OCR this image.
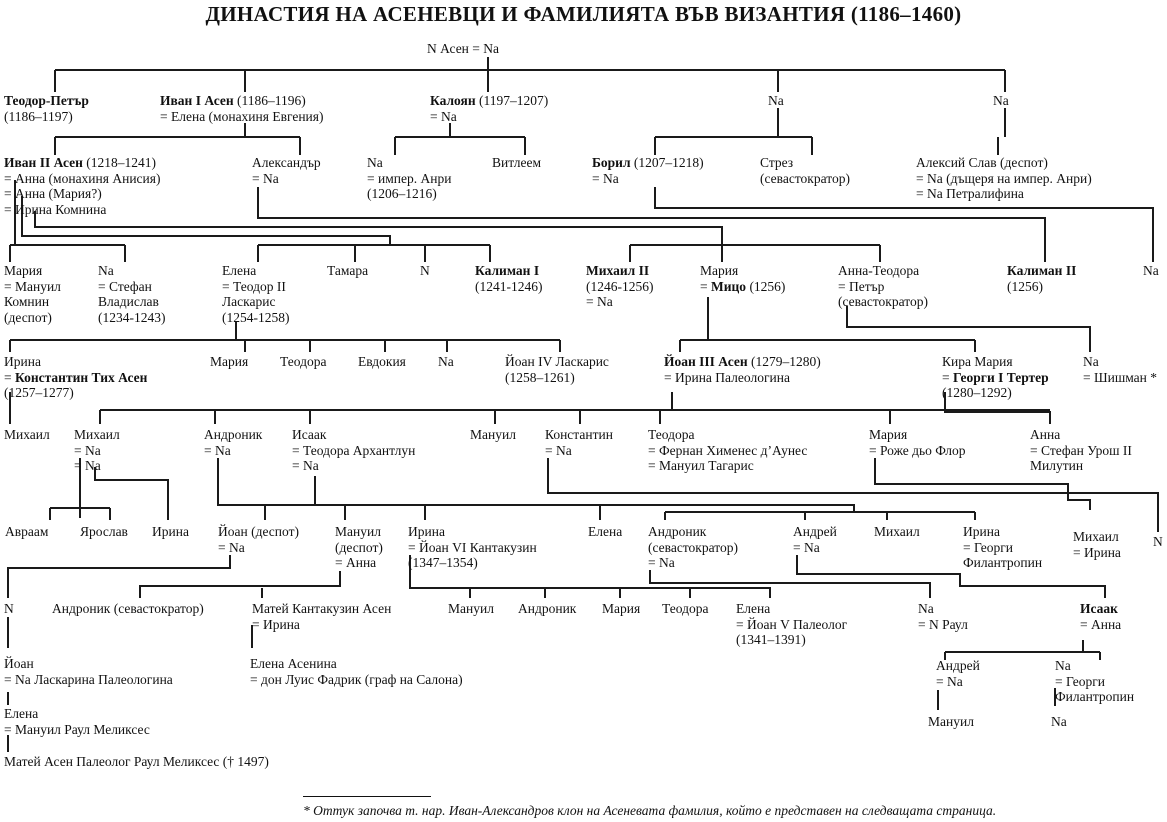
ДИНАСТИЯ НА АСЕНЕВЦИ И ФАМИЛИЯТА ВЪВ ВИЗАНТИЯ (1186–1460)
N Асен = Na
Теодор-Петър
(1186–1197)
Иван I Асен (1186–1196)
= Елена (монахиня Евгения)
Калоян (1197–1207)
= Na
Na	Na
Иван II Асен (1218–1241)
= Анна (монахиня Анисия)
= Анна (Мария?)
= Ирина Комнина
Александър
= Na
Na
= импер. Анри
(1206–1216)
Витлеем	Борил (1207–1218)
= Na
Стрез
(севастократор)
Алексий Слав (деспот)
= Na (дъщеря на импер. Анри)
= Na Петралифина
Мария
= Мануил
Комнин
(деспот)
Na
= Стефан
Владислав
(1234-1243)
Елена
= Теодор II
Ласкарис
(1254-1258)
Тамара	N	Калиман I
(1241-1246)
Михаил II
(1246-1256)
= Na
Мария
= Мицо (1256)
Анна-Теодора
= Петър
(севастократор)
Калиман II
(1256)
Na
Ирина
= Константин Тих Асен
(1257–1277)
Мария Теодора Евдокия Na	Йоан IV Ласкарис
(1258–1261)
Йоан III Асен (1279–1280)
= Ирина Палеологина
Кира Мария
= Георги I Тертер
(1280–1292)
Na
= Шишман *
Михаил Михаил
= Na
= Na
Андроник
= Na
Исаак
= Теодора Архантлун
= Na
Мануил Константин
= Na
Теодора
= Фернан Хименес д’Аунес
= Мануил Тагарис
Мария
= Роже дьо Флор
Анна
= Стефан Урош II
Милутин
Авраам Ярослав Ирина Йоан (деспот)
= Na
Мануил
(деспот)
= Анна
Ирина
= Йоан VI Кантакузин
(1347–1354)
Елена Андроник
(севастократор)
= Na
Андрей
= Na
Михаил	Ирина
= Георги
Филантропин
Михаил
= Ирина
N
N	Андроник (севастократор)	Матей Кантакузин Асен
= Ирина
Мануил Андроник Мария Теодора Елена
= Йоан V Палеолог
(1341–1391)
Na
= N Раул
Исаак
= Анна
Йоан
= Na Ласкарина Палеологина
Елена Асенина
= дон Луис Фадрик (граф на Салона)
Андрей
= Na
Na
= Георги
Филантропин
Елена
= Мануил Раул Меликсес	Мануил	Na
Матей Асен Палеолог Раул Меликсес († 1497)
* Оттук започва т. нар. Иван-Александров клон на Асеневата фамилия, който е представен на следващата страница.
